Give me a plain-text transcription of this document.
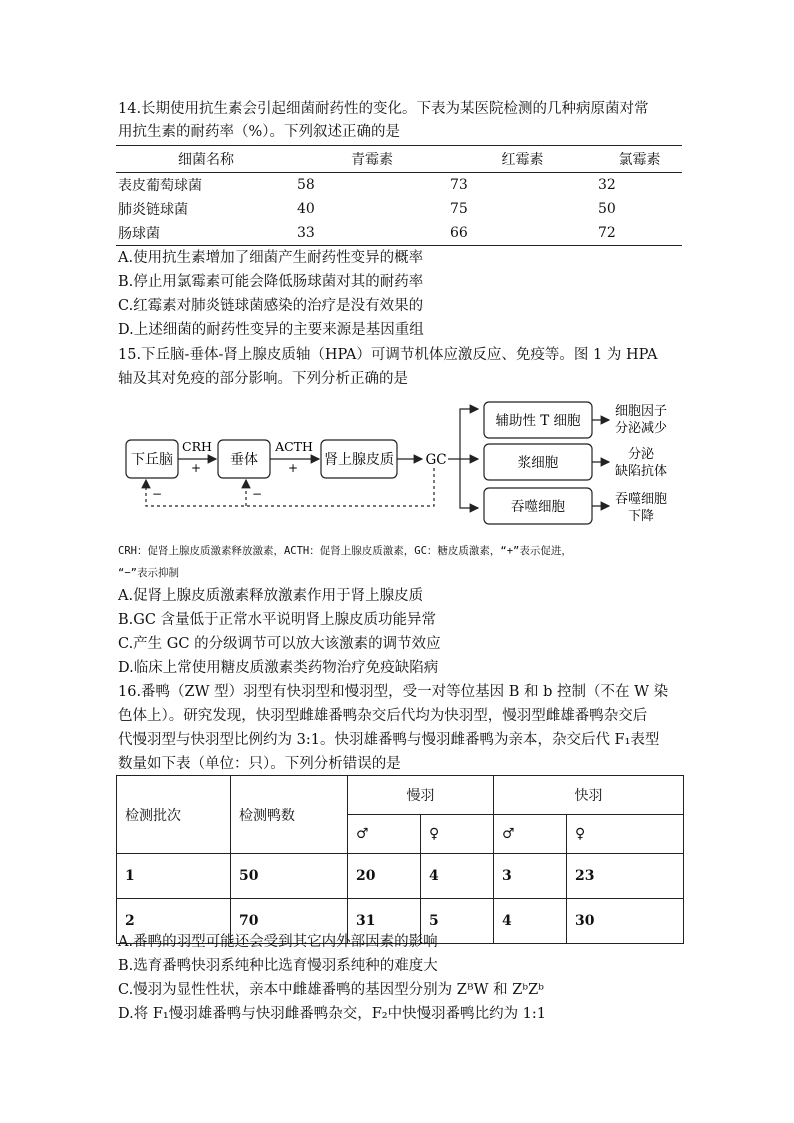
14.长期使用抗生素会引起细菌耐药性的变化。下表为某医院检测的几种病原菌对常
用抗生素的耐药率（%）。下列叙述正确的是
细菌名称	青霉素	红霉素	氯霉素
表皮葡萄球菌	58	73	32
肺炎链球菌	40	75	50
肠球菌	33	66	72
A.使用抗生素增加了细菌产生耐药性变异的概率
B.停止用氯霉素可能会降低肠球菌对其的耐药率
C.红霉素对肺炎链球菌感染的治疗是没有效果的
D.上述细菌的耐药性变异的主要来源是基因重组
15.下丘脑-垂体-肾上腺皮质轴（HPA）可调节机体应激反应、免疫等。图 1 为 HPA
轴及其对免疫的部分影响。下列分析正确的是
下丘脑	垂体	肾上腺皮质
CRH
+
ACTH
+	GC
−	−
辅助性 T 细胞
浆细胞
吞噬细胞
细胞因子
分泌减少
分泌
缺陷抗体
吞噬细胞
下降
CRH：促肾上腺皮质激素释放激素，ACTH：促肾上腺皮质激素，GC：糖皮质激素，“+”表示促进，
“−”表示抑制
A.促肾上腺皮质激素释放激素作用于肾上腺皮质
B.GC 含量低于正常水平说明肾上腺皮质功能异常
C.产生 GC 的分级调节可以放大该激素的调节效应
D.临床上常使用糖皮质激素类药物治疗免疫缺陷病
16.番鸭（ZW 型）羽型有快羽型和慢羽型，受一对等位基因 B 和 b 控制（不在 W 染
色体上）。研究发现，快羽型雌雄番鸭杂交后代均为快羽型，慢羽型雌雄番鸭杂交后
代慢羽型与快羽型比例约为 3:1。快羽雄番鸭与慢羽雌番鸭为亲本，杂交后代 F₁表型
数量如下表（单位：只）。下列分析错误的是
检测批次	检测鸭数	慢羽		快羽	
		♂	♀	♂	♀
1	50	20	4	3	23
2	70	31	5	4	30
A.番鸭的羽型可能还会受到其它内外部因素的影响
B.选育番鸭快羽系纯种比选育慢羽系纯种的难度大
C.慢羽为显性性状，亲本中雌雄番鸭的基因型分别为 ZᴮW 和 ZᵇZᵇ
D.将 F₁慢羽雄番鸭与快羽雌番鸭杂交，F₂中快慢羽番鸭比约为 1:1
